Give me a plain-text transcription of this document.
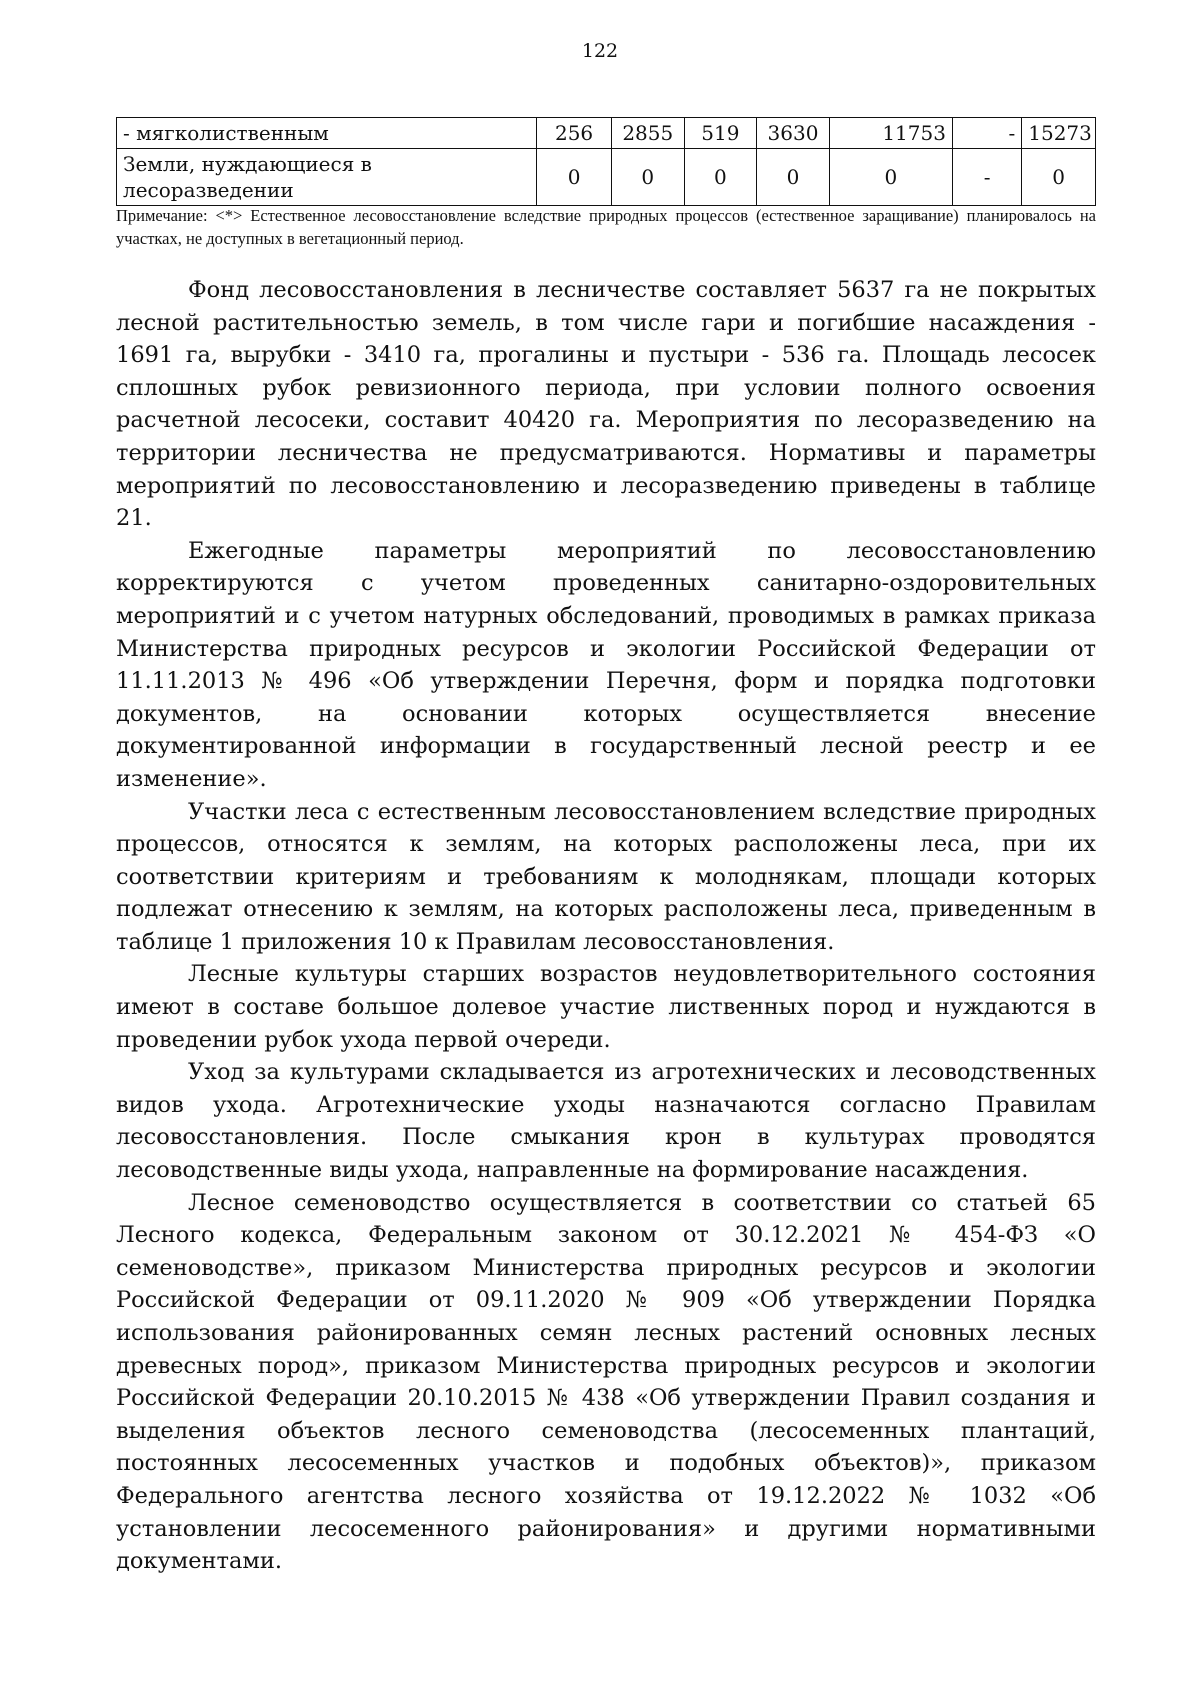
122
- мягколиственным	256	2855	519	3630	11753	-	15273
Земли, нуждающиеся в лесоразведении	0	0	0	0	0	-	0
Примечание: <*> Естественное лесовосстановление вследствие природных процессов (естественное заращивание) планировалось на участках, не доступных в вегетационный период.

Фонд лесовосстановления в лесничестве составляет 5637 га не покрытых лесной растительностью земель, в том числе гари и погибшие насаждения - 1691 га, вырубки - 3410 га, прогалины и пустыри - 536 га. Площадь лесосек сплошных рубок ревизионного периода, при условии полного освоения расчетной лесосеки, составит 40420 га. Мероприятия по лесоразведению на территории лесничества не предусматриваются. Нормативы и параметры мероприятий по лесовосстановлению и лесоразведению приведены в таблице 21.

Ежегодные параметры мероприятий по лесовосстановлению корректируются с учетом проведенных санитарно-оздоровительных мероприятий и с учетом натурных обследований, проводимых в рамках приказа Министерства природных ресурсов и экологии Российской Федерации от 11.11.2013 № 496 «Об утверждении Перечня, форм и порядка подготовки документов, на основании которых осуществляется внесение документированной информации в государственный лесной реестр и ее изменение».

Участки леса с естественным лесовосстановлением вследствие природных процессов, относятся к землям, на которых расположены леса, при их соответствии критериям и требованиям к молоднякам, площади которых подлежат отнесению к землям, на которых расположены леса, приведенным в таблице 1 приложения 10 к Правилам лесовосстановления.

Лесные культуры старших возрастов неудовлетворительного состояния имеют в составе большое долевое участие лиственных пород и нуждаются в проведении рубок ухода первой очереди.

Уход за культурами складывается из агротехнических и лесоводственных видов ухода. Агротехнические уходы назначаются согласно Правилам лесовосстановления. После смыкания крон в культурах проводятся лесоводственные виды ухода, направленные на формирование насаждения.

Лесное семеноводство осуществляется в соответствии со статьей 65 Лесного кодекса, Федеральным законом от 30.12.2021 № 454-ФЗ «О семеноводстве», приказом Министерства природных ресурсов и экологии Российской Федерации от 09.11.2020 № 909 «Об утверждении Порядка использования районированных семян лесных растений основных лесных древесных пород», приказом Министерства природных ресурсов и экологии Российской Федерации 20.10.2015 № 438 «Об утверждении Правил создания и выделения объектов лесного семеноводства (лесосеменных плантаций, постоянных лесосеменных участков и подобных объектов)», приказом Федерального агентства лесного хозяйства от 19.12.2022 № 1032 «Об установлении лесосеменного районирования» и другими нормативными документами.
